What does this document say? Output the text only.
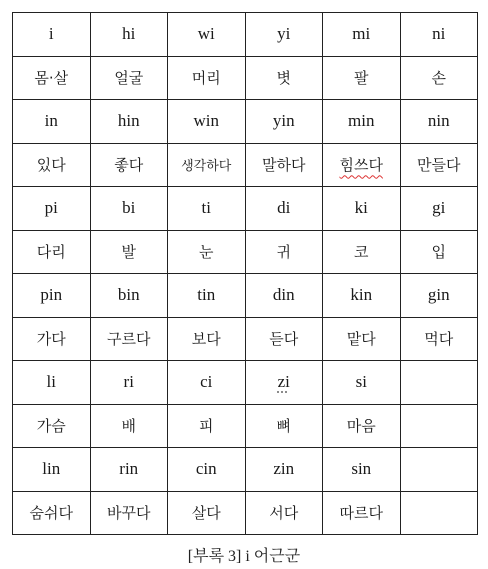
i	hi	wi	yi	mi	ni
몸·살	얼굴	머리	볏	팔	손
in	hin	win	yin	min	nin
있다	좋다	생각하다	말하다	힘쓰다	만들다
pi	bi	ti	di	ki	gi
다리	발	눈	귀	코	입
pin	bin	tin	din	kin	gin
가다	구르다	보다	듣다	맡다	먹다
li	ri	ci	zi	si	
가슴	배	피	뼈	마음	
lin	rin	cin	zin	sin	
숨쉬다	바꾸다	살다	서다	따르다	
[부록 3] i 어근군
